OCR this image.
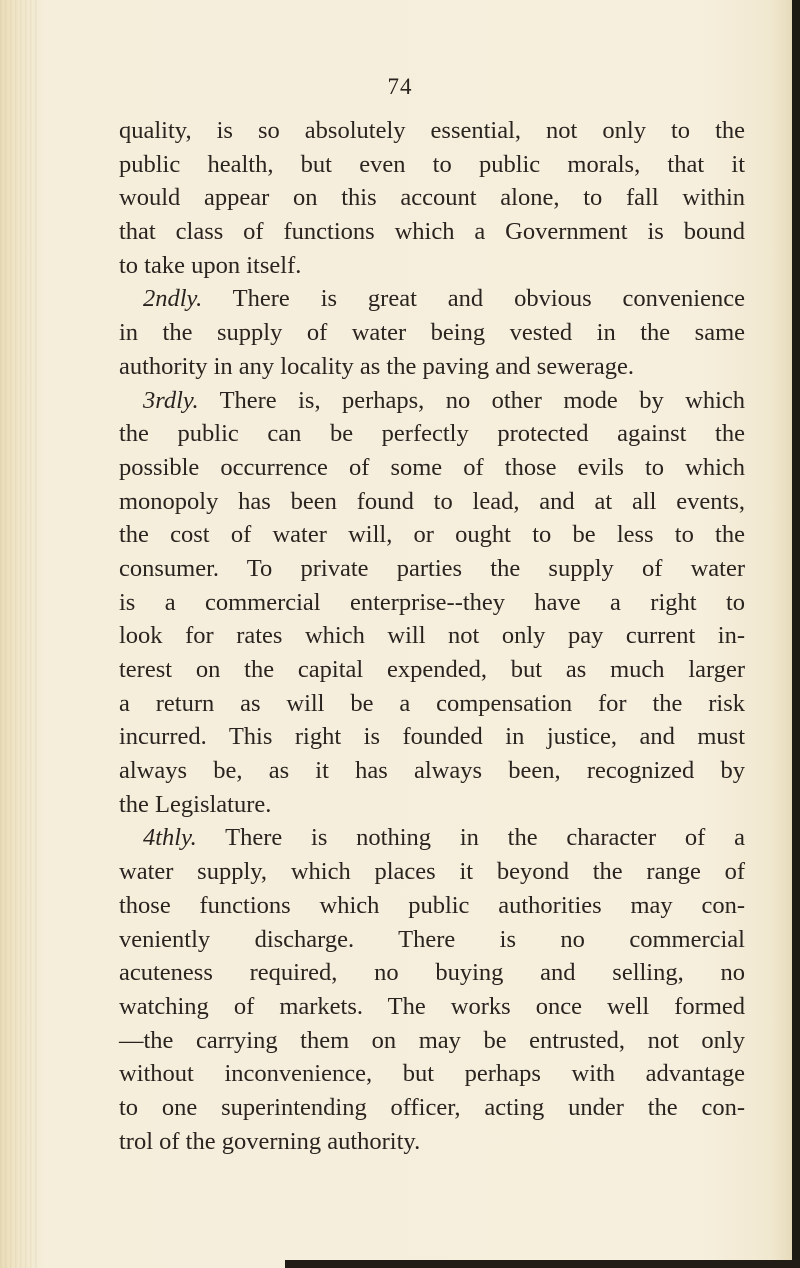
74
quality, is so absolutely essential, not only to the
public health, but even to public morals, that it
would appear on this account alone, to fall within
that class of functions which a Government is bound
to take upon itself.
2ndly. There is great and obvious convenience
in the supply of water being vested in the same
authority in any locality as the paving and sewerage.
3rdly. There is, perhaps, no other mode by which
the public can be perfectly protected against the
possible occurrence of some of those evils to which
monopoly has been found to lead, and at all events,
the cost of water will, or ought to be less to the
consumer. To private parties the supply of water
is a commercial enterprise--they have a right to
look for rates which will not only pay current in-
terest on the capital expended, but as much larger
a return as will be a compensation for the risk
incurred. This right is founded in justice, and must
always be, as it has always been, recognized by
the Legislature.
4thly. There is nothing in the character of a
water supply, which places it beyond the range of
those functions which public authorities may con-
veniently discharge. There is no commercial
acuteness required, no buying and selling, no
watching of markets. The works once well formed
—the carrying them on may be entrusted, not only
without inconvenience, but perhaps with advantage
to one superintending officer, acting under the con-
trol of the governing authority.
